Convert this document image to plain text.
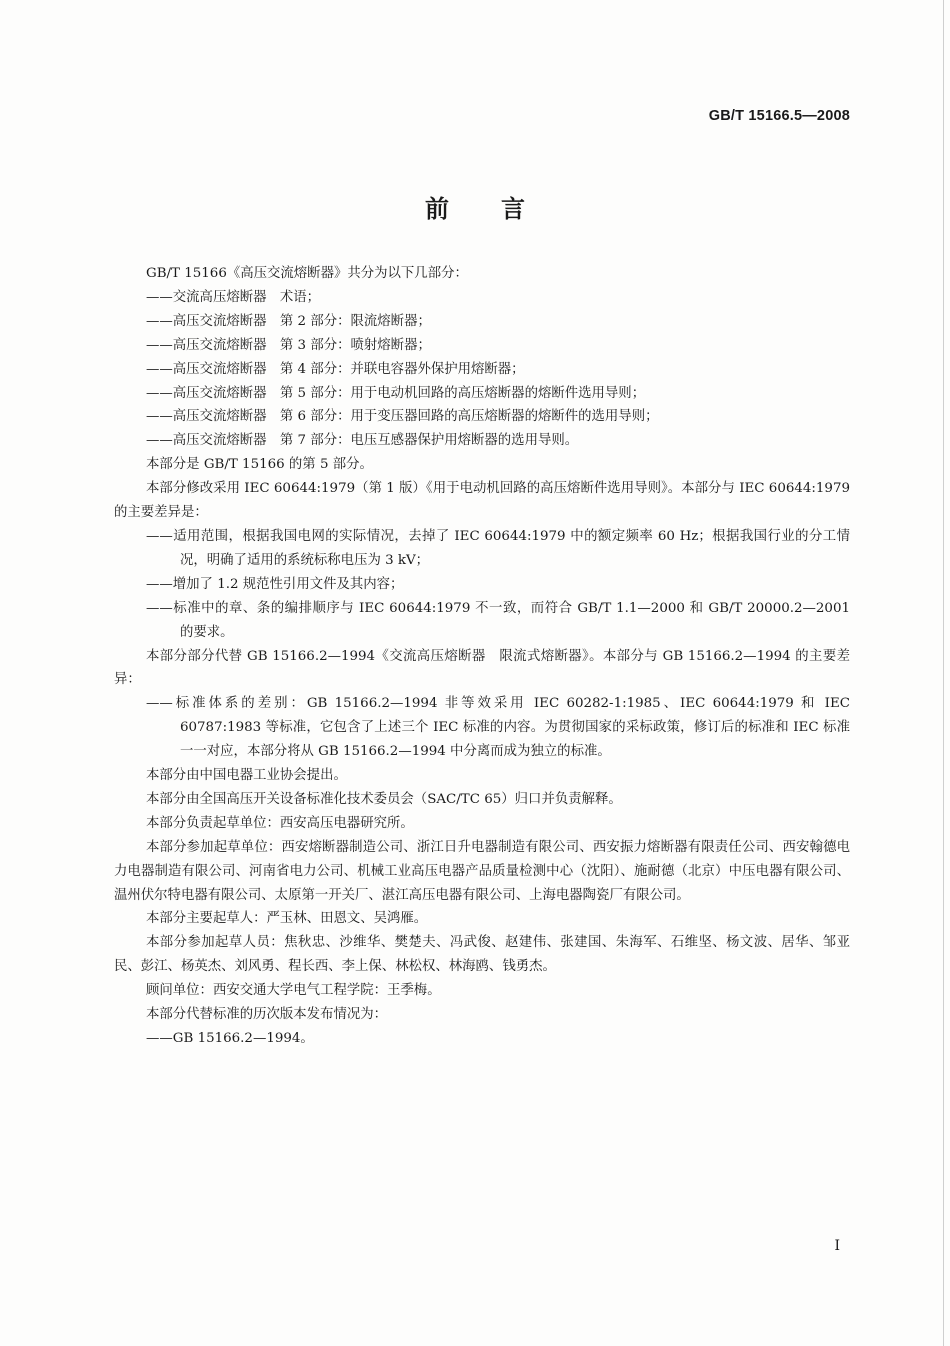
GB/T 15166.5—2008
前言

GB/T 15166《高压交流熔断器》共分为以下几部分：

——交流高压熔断器　术语；

——高压交流熔断器　第 2 部分：限流熔断器；

——高压交流熔断器　第 3 部分：喷射熔断器；

——高压交流熔断器　第 4 部分：并联电容器外保护用熔断器；

——高压交流熔断器　第 5 部分：用于电动机回路的高压熔断器的熔断件选用导则；

——高压交流熔断器　第 6 部分：用于变压器回路的高压熔断器的熔断件的选用导则；

——高压交流熔断器　第 7 部分：电压互感器保护用熔断器的选用导则。

本部分是 GB/T 15166 的第 5 部分。

本部分修改采用 IEC 60644:1979（第 1 版）《用于电动机回路的高压熔断件选用导则》。本部分与 IEC 60644:1979 的主要差异是：

——适用范围，根据我国电网的实际情况，去掉了 IEC 60644:1979 中的额定频率 60 Hz；根据我国行业的分工情况，明确了适用的系统标称电压为 3 kV；

——增加了 1.2 规范性引用文件及其内容；

——标准中的章、条的编排顺序与 IEC 60644:1979 不一致，而符合 GB/T 1.1—2000 和 GB/T 20000.2—2001 的要求。

本部分部分代替 GB 15166.2—1994《交流高压熔断器　限流式熔断器》。本部分与 GB 15166.2—1994 的主要差异：

——标准体系的差别：GB 15166.2—1994 非等效采用 IEC 60282-1:1985、IEC 60644:1979 和 IEC 60787:1983 等标准，它包含了上述三个 IEC 标准的内容。为贯彻国家的采标政策，修订后的标准和 IEC 标准一一对应，本部分将从 GB 15166.2—1994 中分离而成为独立的标准。

本部分由中国电器工业协会提出。

本部分由全国高压开关设备标准化技术委员会（SAC/TC 65）归口并负责解释。

本部分负责起草单位：西安高压电器研究所。

本部分参加起草单位：西安熔断器制造公司、浙江日升电器制造有限公司、西安振力熔断器有限责任公司、西安翰德电力电器制造有限公司、河南省电力公司、机械工业高压电器产品质量检测中心（沈阳）、施耐德（北京）中压电器有限公司、温州伏尔特电器有限公司、太原第一开关厂、湛江高压电器有限公司、上海电器陶瓷厂有限公司。

本部分主要起草人：严玉林、田恩文、吴鸿雁。

本部分参加起草人员：焦秋忠、沙维华、樊楚夫、冯武俊、赵建伟、张建国、朱海军、石维坚、杨文波、居华、邹亚民、彭江、杨英杰、刘风勇、程长西、李上保、林松权、林海鸥、钱勇杰。

顾问单位：西安交通大学电气工程学院：王季梅。

本部分代替标准的历次版本发布情况为：

——GB 15166.2—1994。

I
